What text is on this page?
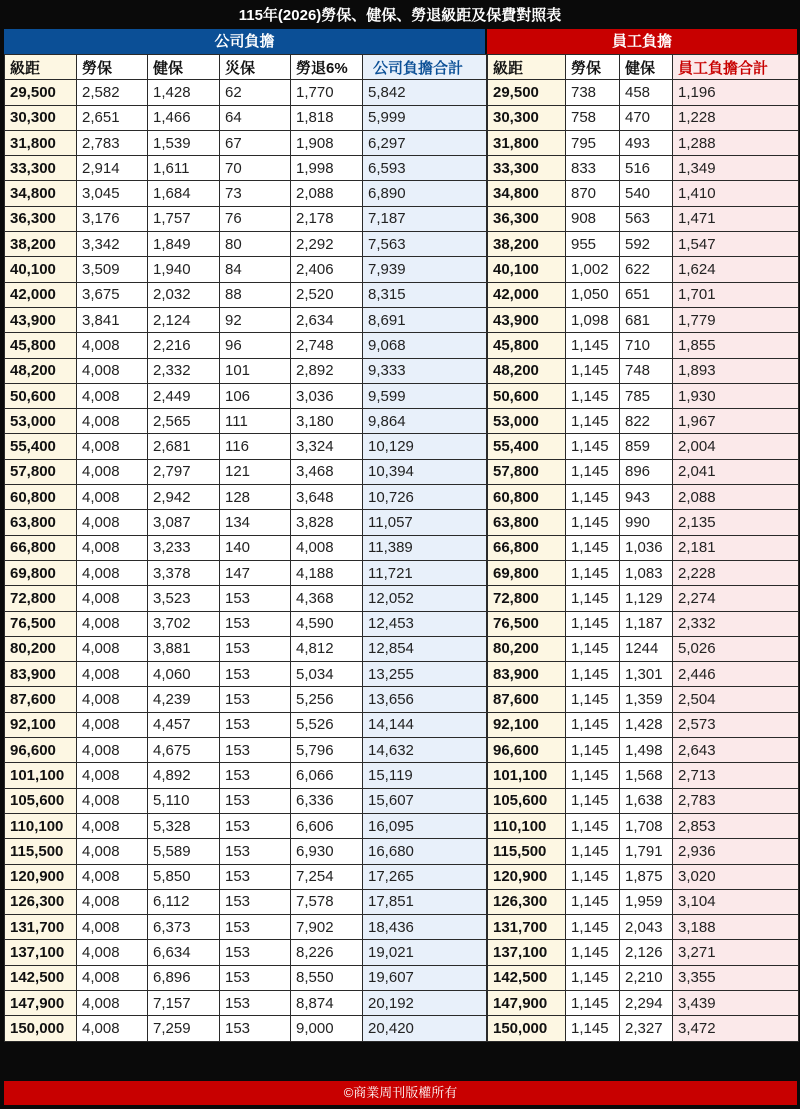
115年(2026)勞保、健保、勞退級距及保費對照表
公司負擔	員工負擔
級距	勞保	健保	災保	勞退6%	公司負擔合計
29,500	2,582	1,428	62	1,770	5,842
30,300	2,651	1,466	64	1,818	5,999
31,800	2,783	1,539	67	1,908	6,297
33,300	2,914	1,611	70	1,998	6,593
34,800	3,045	1,684	73	2,088	6,890
36,300	3,176	1,757	76	2,178	7,187
38,200	3,342	1,849	80	2,292	7,563
40,100	3,509	1,940	84	2,406	7,939
42,000	3,675	2,032	88	2,520	8,315
43,900	3,841	2,124	92	2,634	8,691
45,800	4,008	2,216	96	2,748	9,068
48,200	4,008	2,332	101	2,892	9,333
50,600	4,008	2,449	106	3,036	9,599
53,000	4,008	2,565	111	3,180	9,864
55,400	4,008	2,681	116	3,324	10,129
57,800	4,008	2,797	121	3,468	10,394
60,800	4,008	2,942	128	3,648	10,726
63,800	4,008	3,087	134	3,828	11,057
66,800	4,008	3,233	140	4,008	11,389
69,800	4,008	3,378	147	4,188	11,721
72,800	4,008	3,523	153	4,368	12,052
76,500	4,008	3,702	153	4,590	12,453
80,200	4,008	3,881	153	4,812	12,854
83,900	4,008	4,060	153	5,034	13,255
87,600	4,008	4,239	153	5,256	13,656
92,100	4,008	4,457	153	5,526	14,144
96,600	4,008	4,675	153	5,796	14,632
101,100	4,008	4,892	153	6,066	15,119
105,600	4,008	5,110	153	6,336	15,607
110,100	4,008	5,328	153	6,606	16,095
115,500	4,008	5,589	153	6,930	16,680
120,900	4,008	5,850	153	7,254	17,265
126,300	4,008	6,112	153	7,578	17,851
131,700	4,008	6,373	153	7,902	18,436
137,100	4,008	6,634	153	8,226	19,021
142,500	4,008	6,896	153	8,550	19,607
147,900	4,008	7,157	153	8,874	20,192
150,000	4,008	7,259	153	9,000	20,420
級距	勞保	健保	員工負擔合計
29,500	738	458	1,196
30,300	758	470	1,228
31,800	795	493	1,288
33,300	833	516	1,349
34,800	870	540	1,410
36,300	908	563	1,471
38,200	955	592	1,547
40,100	1,002	622	1,624
42,000	1,050	651	1,701
43,900	1,098	681	1,779
45,800	1,145	710	1,855
48,200	1,145	748	1,893
50,600	1,145	785	1,930
53,000	1,145	822	1,967
55,400	1,145	859	2,004
57,800	1,145	896	2,041
60,800	1,145	943	2,088
63,800	1,145	990	2,135
66,800	1,145	1,036	2,181
69,800	1,145	1,083	2,228
72,800	1,145	1,129	2,274
76,500	1,145	1,187	2,332
80,200	1,145	1244	5,026
83,900	1,145	1,301	2,446
87,600	1,145	1,359	2,504
92,100	1,145	1,428	2,573
96,600	1,145	1,498	2,643
101,100	1,145	1,568	2,713
105,600	1,145	1,638	2,783
110,100	1,145	1,708	2,853
115,500	1,145	1,791	2,936
120,900	1,145	1,875	3,020
126,300	1,145	1,959	3,104
131,700	1,145	2,043	3,188
137,100	1,145	2,126	3,271
142,500	1,145	2,210	3,355
147,900	1,145	2,294	3,439
150,000	1,145	2,327	3,472
©商業周刊版權所有
